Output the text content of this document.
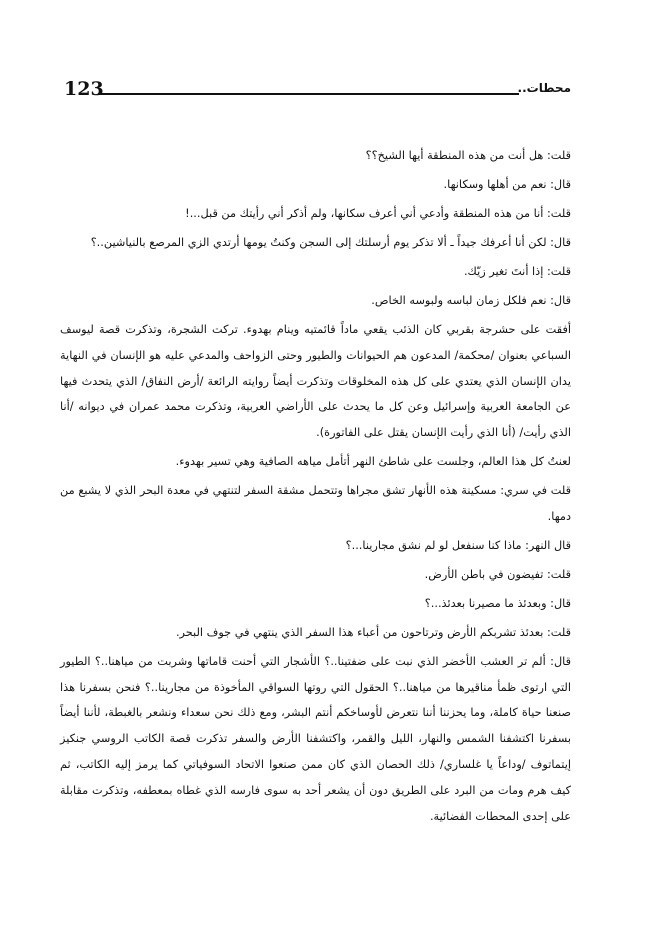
123	محطات..

قلت: هل أنت من هذه المنطقة أيها الشيخ؟؟

قال: نعم من أهلها وسكانها.

قلت: أنا من هذه المنطقة وأدعي أني أعرف سكانها، ولم أذكر أني رأيتك من قبل...!

قال: لكن أنا أعرفك جيداً ـ ألا تذكر يوم أرسلتك إلى السجن وكنتُ يومها أرتدي الزي المرصع بالنياشين..؟

قلت: إذا أنتَ تغير زيّك.

قال: نعم فلكل زمان لباسه ولبوسه الخاص.

أفقت على حشرجة بقربي كان الذئب يقعي ماداً قائمتيه وينام بهدوء. تركت الشجرة، وتذكرت قصة ليوسف السباعي بعنوان /محكمة/ المدعون هم الحيوانات والطيور وحتى الزواحف والمدعي عليه هو الإنسان في النهاية يدان الإنسان الذي يعتدي على كل هذه المخلوقات وتذكرت أيضاً روايته الرائعة /أرض النفاق/ الذي يتحدث فيها عن الجامعة العربية وإسرائيل وعن كل ما يحدث على الأراضي العربية، وتذكرت محمد عمران في ديوانه /أنا الذي رأيت/ (أنا الذي رأيت الإنسان يقتل على الفاتورة).

لعنتُ كل هذا العالم، وجلست على شاطئ النهر أتأمل مياهه الصافية وهي تسير بهدوء.

قلت في سري: مسكينة هذه الأنهار تشق مجراها وتتحمل مشقة السفر لتنتهي في معدة البحر الذي لا يشبع من دمها.

قال النهر: ماذا كنا سنفعل لو لم نشق مجارينا...؟

قلت: تفيضون في باطن الأرض.

قال: وبعدئذ ما مصيرنا بعدئذ...؟

قلت: بعدئذ تشربكم الأرض وترتاحون من أعباء هذا السفر الذي ينتهي في جوف البحر.

قال: ألم تر العشب الأخضر الذي نبت على ضفتينا..؟ الأشجار التي أحنت قاماتها وشربت من مياهنا..؟ الطيور التي ارتوى ظمأ مناقيرها من مياهنا..؟ الحقول التي روتها السواقي المأخوذة من مجارينا..؟ فنحن بسفرنا هذا صنعنا حياة كاملة، وما يحزننا أننا نتعرض لأوساخكم أنتم البشر، ومع ذلك نحن سعداء ونشعر بالغبطة، لأننا أيضاً بسفرنا اكتشفنا الشمس والنهار، الليل والقمر، واكتشفنا الأرض والسفر تذكرت قصة الكاتب الروسي جنكيز إيتماتوف /وداعاً يا غلساري/ ذلك الحصان الذي كان ممن صنعوا الاتحاد السوفياتي كما يرمز إليه الكاتب، ثم كيف هرم ومات من البرد على الطريق دون أن يشعر أحد به سوى فارسه الذي غطاه بمعطفه، وتذكرت مقابلة على إحدى المحطات الفضائية.
